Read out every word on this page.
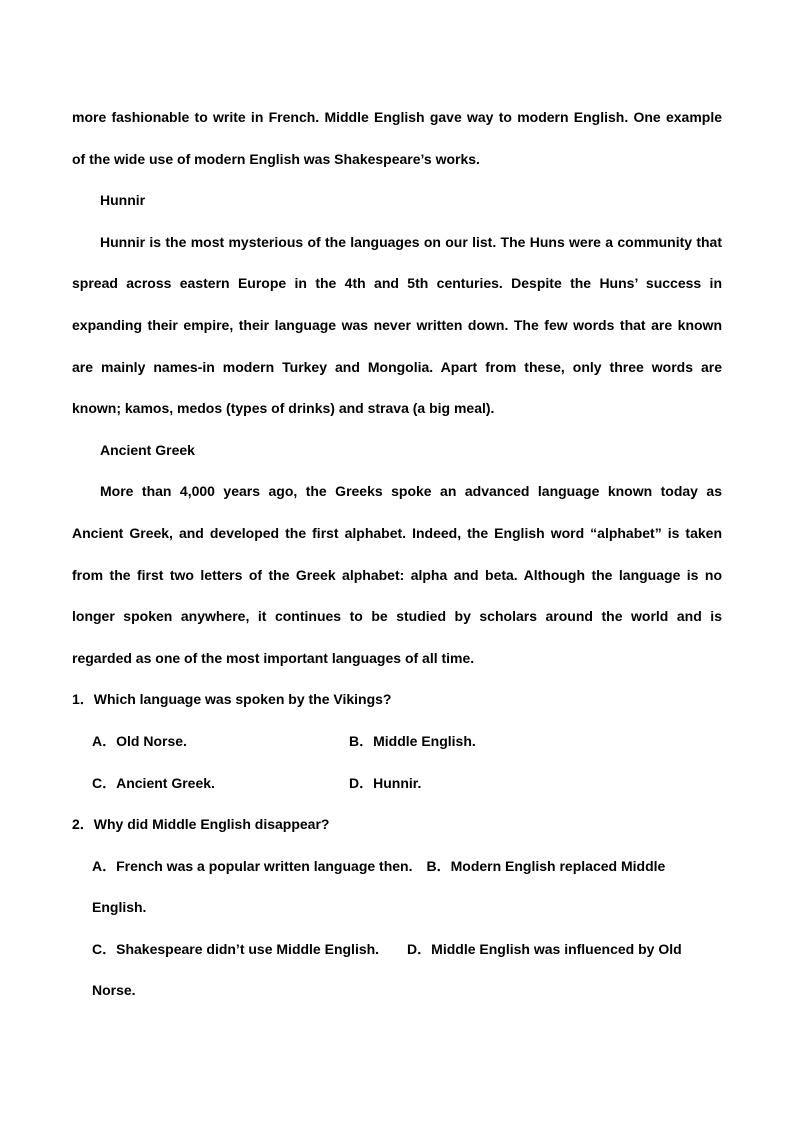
more fashionable to write in French. Middle English gave way to modern English. One example
of the wide use of modern English was Shakespeare’s works.
Hunnir
Hunnir is the most mysterious of the languages on our list. The Huns were a community that
spread across eastern Europe in the 4th and 5th centuries. Despite the Huns’ success in
expanding their empire, their language was never written down. The few words that are known
are mainly names-in modern Turkey and Mongolia. Apart from these, only three words are
known; kamos, medos (types of drinks) and strava (a big meal).
Ancient Greek
More than 4,000 years ago, the Greeks spoke an advanced language known today as
Ancient Greek, and developed the first alphabet. Indeed, the English word “alphabet” is taken
from the first two letters of the Greek alphabet: alpha and beta. Although the language is no
longer spoken anywhere, it continues to be studied by scholars around the world and is
regarded as one of the most important languages of all time.
1．Which language was spoken by the Vikings?
A．Old Norse.	B．Middle English.
C．Ancient Greek.	D．Hunnir.
2．Why did Middle English disappear?
A．French was a popular written language then.　B．Modern English replaced Middle
English.
C．Shakespeare didn’t use Middle English.　　D．Middle English was influenced by Old
Norse.
